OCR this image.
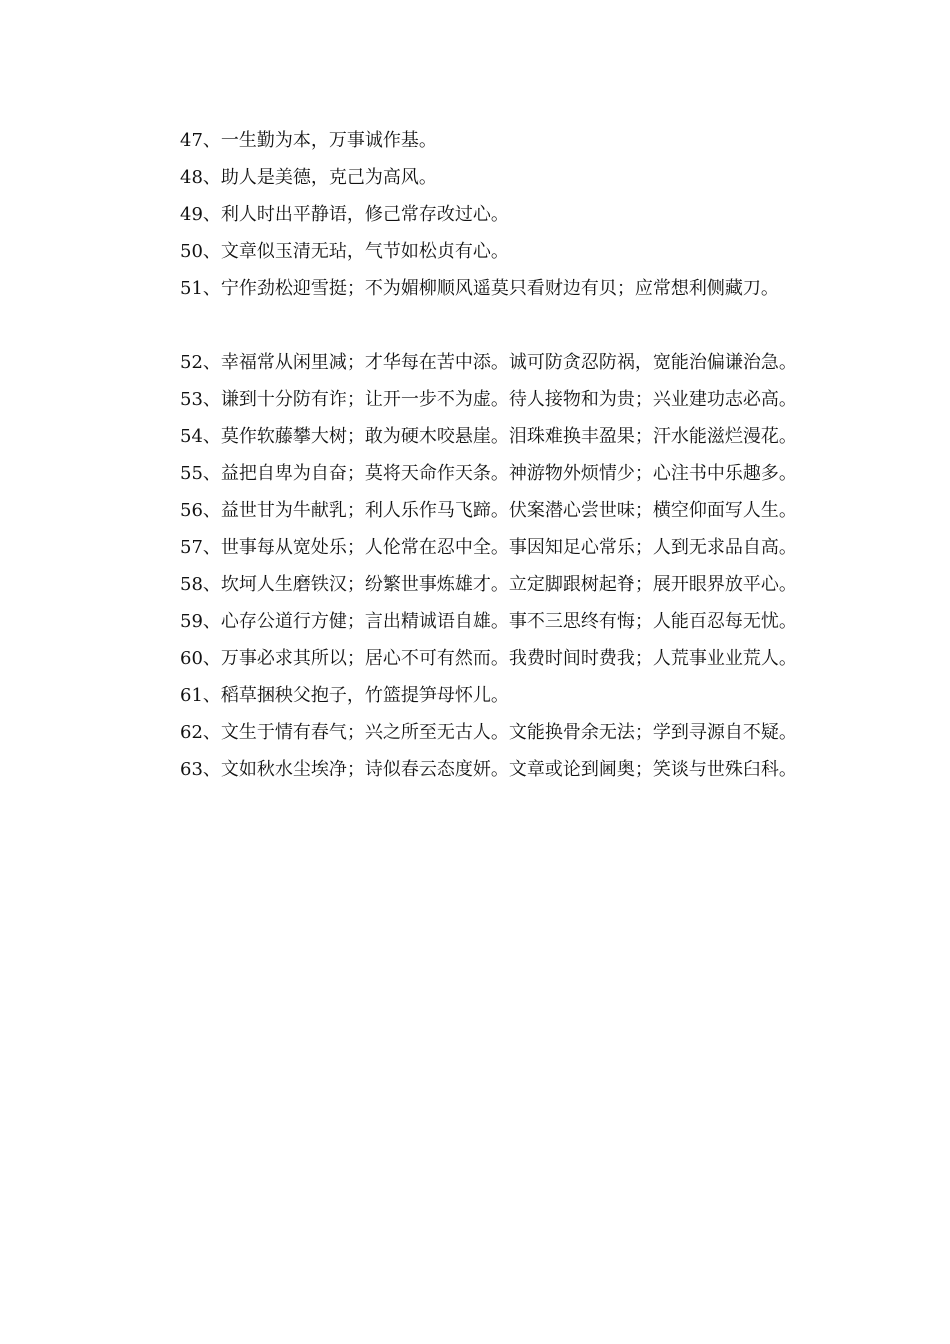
47、一生勤为本，万事诚作基。

48、助人是美德，克己为高风。

49、利人时出平静语，修己常存改过心。

50、文章似玉清无玷，气节如松贞有心。

51、宁作劲松迎雪挺；不为媚柳顺风遥莫只看财边有贝；应常想利侧藏刀。

52、幸福常从闲里减；才华每在苦中添。诚可防贪忍防祸，宽能治偏谦治急。

53、谦到十分防有诈；让开一步不为虚。待人接物和为贵；兴业建功志必高。

54、莫作软藤攀大树；敢为硬木咬悬崖。泪珠难换丰盈果；汗水能滋烂漫花。

55、益把自卑为自奋；莫将天命作天条。神游物外烦情少；心注书中乐趣多。

56、益世甘为牛献乳；利人乐作马飞蹄。伏案潜心尝世味；横空仰面写人生。

57、世事每从宽处乐；人伦常在忍中全。事因知足心常乐；人到无求品自高。

58、坎坷人生磨铁汉；纷繁世事炼雄才。立定脚跟树起脊；展开眼界放平心。

59、心存公道行方健；言出精诚语自雄。事不三思终有悔；人能百忍每无忧。

60、万事必求其所以；居心不可有然而。我费时间时费我；人荒事业业荒人。

61、稻草捆秧父抱子，竹篮提笋母怀儿。

62、文生于情有春气；兴之所至无古人。文能换骨余无法；学到寻源自不疑。

63、文如秋水尘埃净；诗似春云态度妍。文章或论到阃奥；笑谈与世殊臼科。
